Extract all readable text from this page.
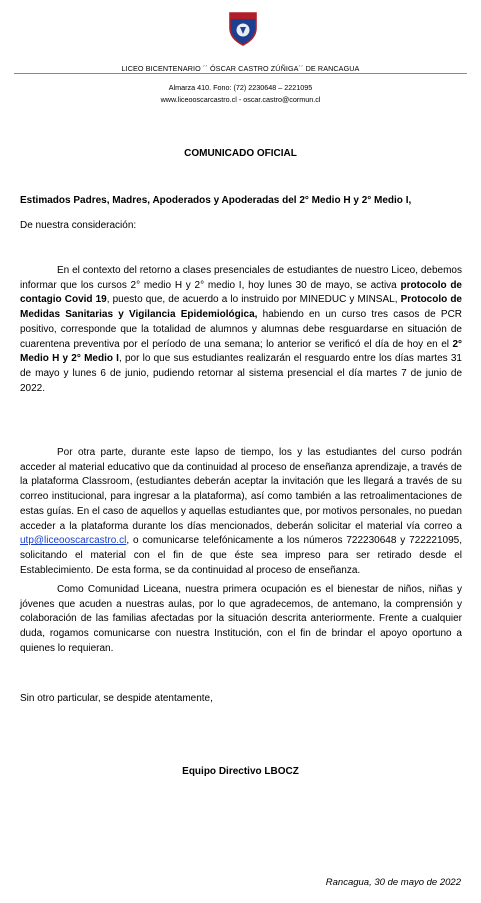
LICEO BICENTENARIO ´´ ÓSCAR CASTRO ZÚÑIGA´´ DE RANCAGUA
Almarza 410. Fono: (72) 2230648 – 2221095
www.liceooscarcastro.cl - oscar.castro@cormun.cl
COMUNICADO OFICIAL
Estimados Padres, Madres, Apoderados y Apoderadas del 2° Medio H y 2° Medio I,
De nuestra consideración:

En el contexto del retorno a clases presenciales de estudiantes de nuestro Liceo, debemos informar que los cursos 2° medio H y 2° medio I, hoy lunes 30 de mayo, se activa protocolo de contagio Covid 19, puesto que, de acuerdo a lo instruido por MINEDUC y MINSAL, Protocolo de Medidas Sanitarias y Vigilancia Epidemiológica, habiendo en un curso tres casos de PCR positivo, corresponde que la totalidad de alumnos y alumnas debe resguardarse en situación de cuarentena preventiva por el período de una semana; lo anterior se verificó el día de hoy en el 2° Medio H y 2° Medio I, por lo que sus estudiantes realizarán el resguardo entre los días martes 31 de mayo y lunes 6 de junio, pudiendo retornar al sistema presencial el día martes 7 de junio de 2022.

Por otra parte, durante este lapso de tiempo, los y las estudiantes del curso podrán acceder al material educativo que da continuidad al proceso de enseñanza aprendizaje, a través de la plataforma Classroom, (estudiantes deberán aceptar la invitación que les llegará a través de su correo institucional, para ingresar a la plataforma), así como también a las retroalimentaciones de estas guías. En el caso de aquellos y aquellas estudiantes que, por motivos personales, no puedan acceder a la plataforma durante los días mencionados, deberán solicitar el material vía correo a utp@liceooscarcastro.cl, o comunicarse telefónicamente a los números 722230648 y 722221095, solicitando el material con el fin de que éste sea impreso para ser retirado desde el Establecimiento. De esta forma, se da continuidad al proceso de enseñanza.

Como Comunidad Liceana, nuestra primera ocupación es el bienestar de niños, niñas y jóvenes que acuden a nuestras aulas, por lo que agradecemos, de antemano, la comprensión y colaboración de las familias afectadas por la situación descrita anteriormente. Frente a cualquier duda, rogamos comunicarse con nuestra Institución, con el fin de brindar el apoyo oportuno a quienes lo requieran.

Sin otro particular, se despide atentamente,
Equipo Directivo LBOCZ
Rancagua, 30 de mayo de 2022
